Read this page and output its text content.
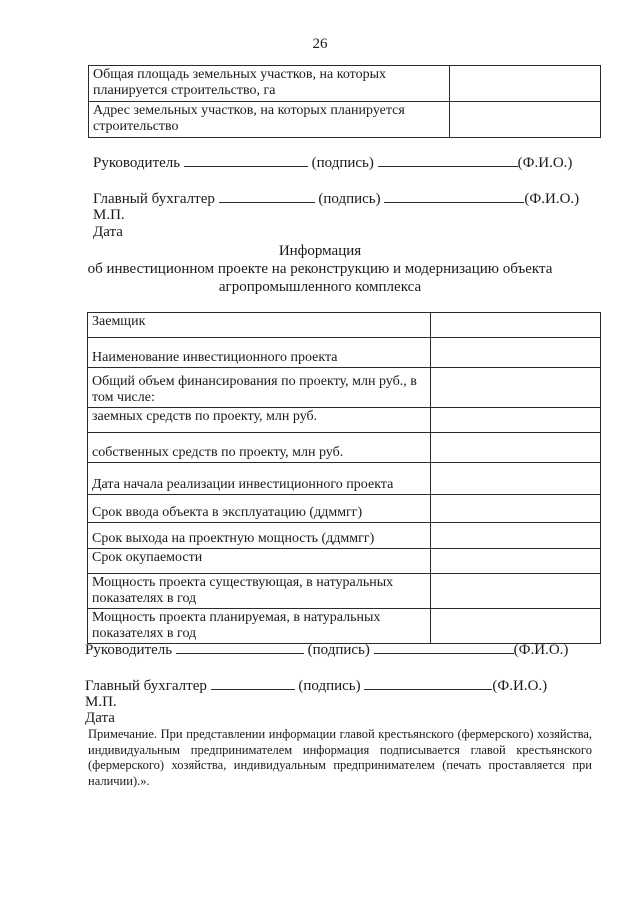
26
Общая площадь земельных участков, на которых планируется строительство, га	
Адрес земельных участков, на которых планируется строительство	
Руководитель	(подпись)	(Ф.И.О.)
Главный бухгалтер	(подпись)	(Ф.И.О.)
М.П.
Дата
Информация
об инвестиционном проекте на реконструкцию и модернизацию объекта
агропромышленного комплекса
Заемщик	
Наименование инвестиционного проекта	
Общий объем финансирования по проекту, млн руб., в том числе:	
заемных средств по проекту, млн руб.	
собственных средств по проекту, млн руб.	
Дата начала реализации инвестиционного проекта	
Срок ввода объекта в эксплуатацию (ддммгг)	
Срок выхода на проектную мощность (ддммгг)	
Срок окупаемости	
Мощность проекта существующая, в натуральных показателях в год	
Мощность проекта планируемая, в натуральных показателях в год	
Руководитель	(подпись)	(Ф.И.О.)
Главный бухгалтер	(подпись)	(Ф.И.О.)
М.П.
Дата
Примечание. При представлении информации главой крестьянского (фермерского) хозяйства, индивидуальным предпринимателем информация подписывается главой крестьянского (фермерского) хозяйства, индивидуальным предпринимателем (печать проставляется при наличии).».
